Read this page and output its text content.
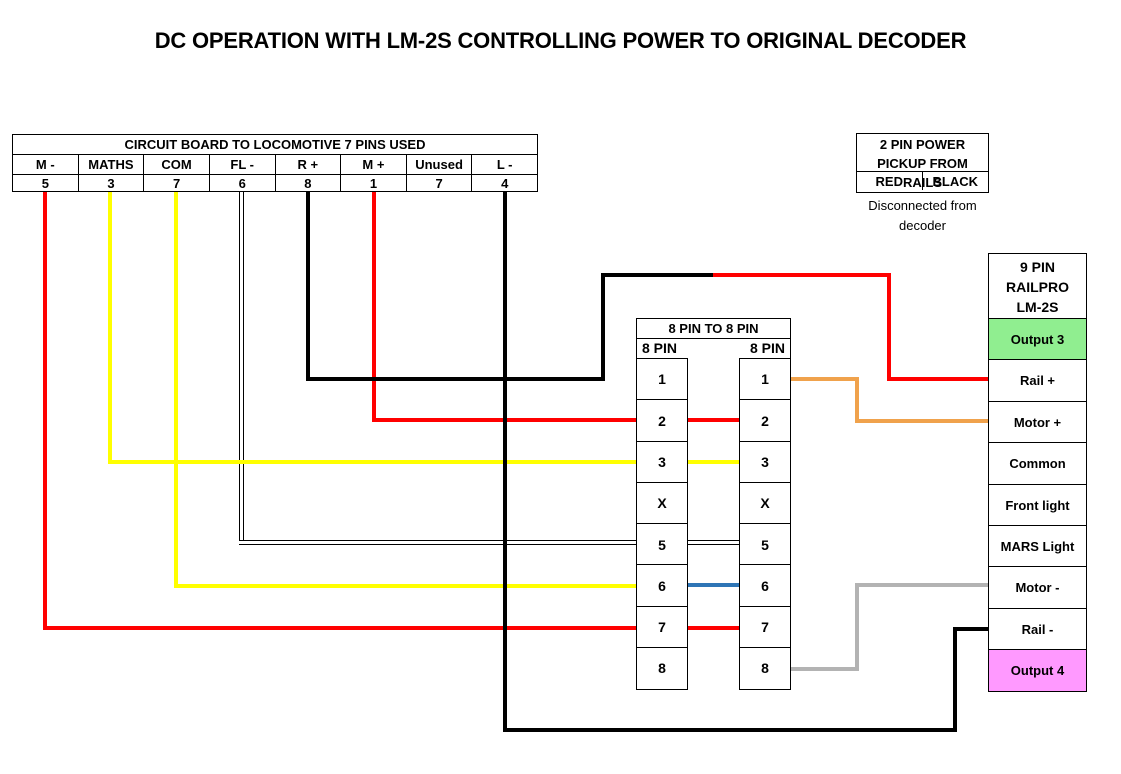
DC OPERATION WITH LM-2S CONTROLLING POWER TO ORIGINAL DECODER
CIRCUIT BOARD TO LOCOMOTIVE 7 PINS USED
M -	MATHS	COM	FL -	R +	M +	Unused	L -
5	3	7	6	8	1	7	4
2 PIN POWER
PICKUP FROM RAILS
RED	BLACK
Disconnected from
decoder
8 PIN TO 8 PIN
8 PIN	8 PIN
1
2
3
X
5
6
7
8
1
2
3
X
5
6
7
8
9 PIN
RAILPRO
LM-2S
Output 3
Rail +
Motor +
Common
Front light
MARS Light
Motor -
Rail -
Output 4
